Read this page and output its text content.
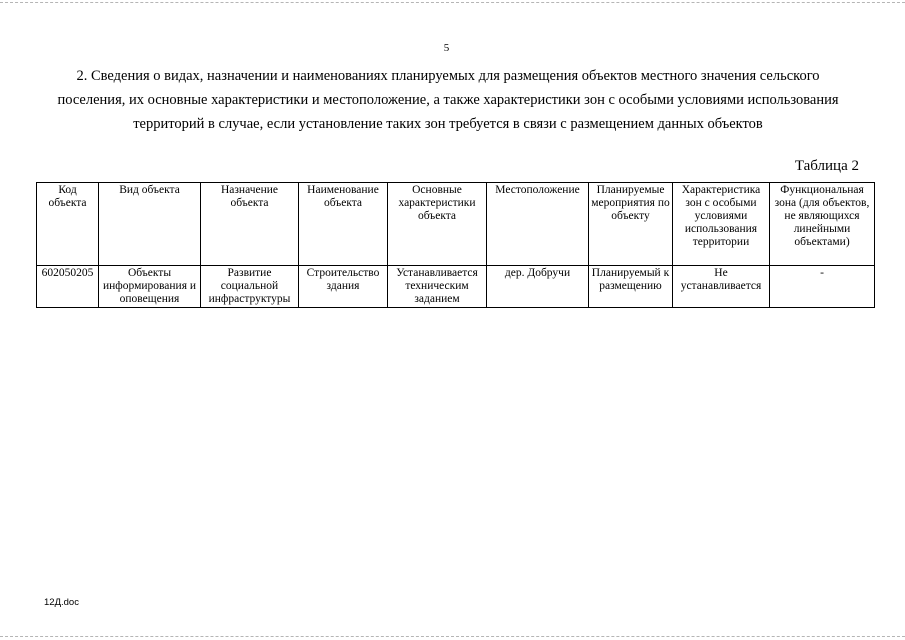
5
2. Сведения о видах, назначении и наименованиях планируемых для размещения объектов местного значения сельского поселения, их основные характеристики и местоположение, а также характеристики зон с особыми условиями использования территорий в случае, если установление таких зон требуется в связи с размещением данных объектов
Таблица 2
Код объекта	Вид объекта	Назначение объекта	Наименование объекта	Основные характеристики объекта	Местоположение	Планируемые мероприятия по объекту	Характеристика зон с особыми условиями использования территории	Функциональная зона (для объектов, не являющихся линейными объектами)
602050205	Объекты информирования и оповещения	Развитие социальной инфраструктуры	Строительство здания	Устанавливается техническим заданием	дер. Добручи	Планируемый к размещению	Не устанавливается	-
12Д.doc
